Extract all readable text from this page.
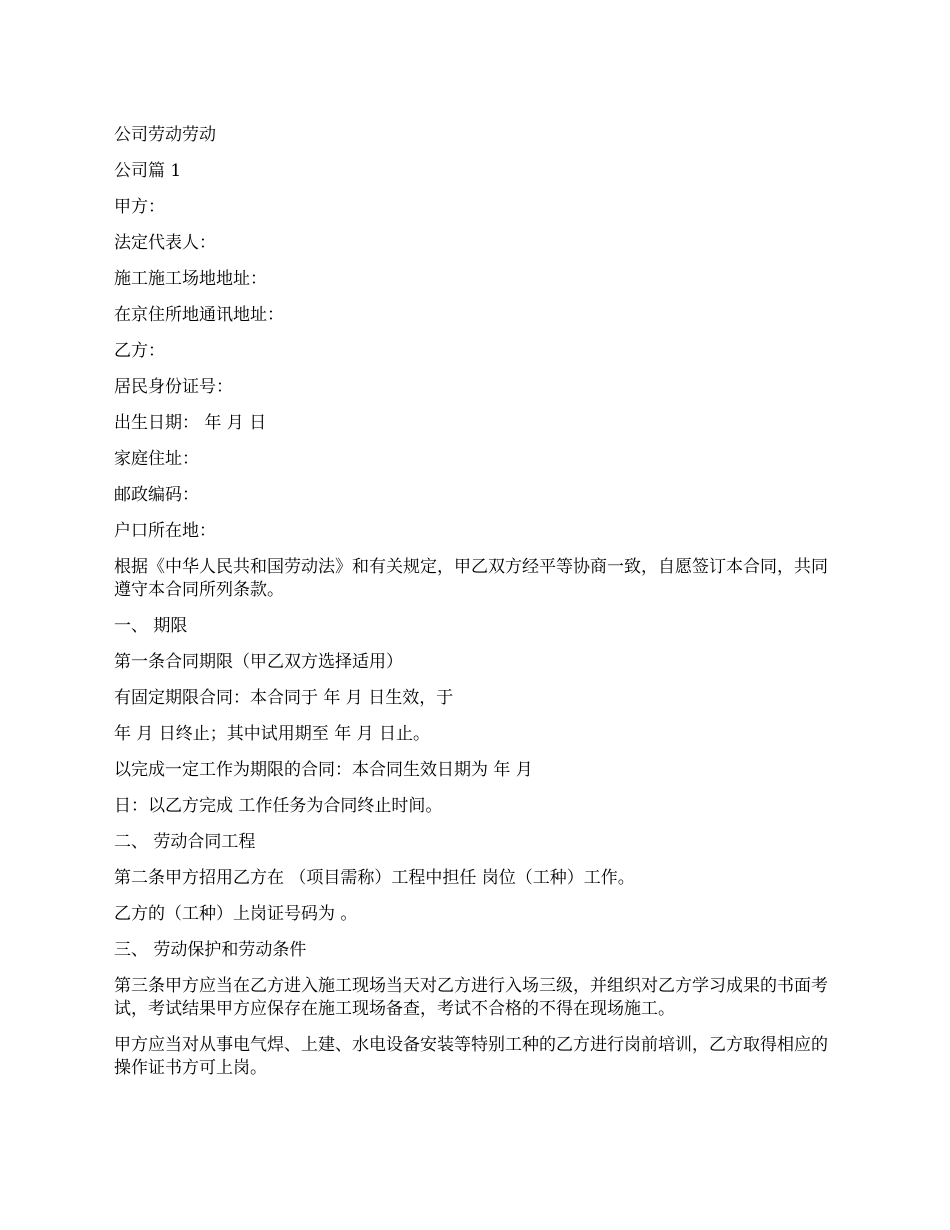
公司劳动劳动

公司篇 1

甲方：

法定代表人：

施工施工场地地址：

在京住所地通讯地址：

乙方：

居民身份证号：

出生日期： 年 月 日

家庭住址：

邮政编码：

户口所在地：

根据《中华人民共和国劳动法》和有关规定，甲乙双方经平等协商一致，自愿签订本合同，共同遵守本合同所列条款。

一、 期限

第一条合同期限（甲乙双方选择适用）

有固定期限合同：本合同于 年 月 日生效，于

年 月 日终止；其中试用期至 年 月 日止。

以完成一定工作为期限的合同：本合同生效日期为 年 月

日：以乙方完成 工作任务为合同终止时间。

二、 劳动合同工程

第二条甲方招用乙方在 （项目需称）工程中担任 岗位（工种）工作。

乙方的（工种）上岗证号码为 。

三、 劳动保护和劳动条件

第三条甲方应当在乙方进入施工现场当天对乙方进行入场三级，并组织对乙方学习成果的书面考试，考试结果甲方应保存在施工现场备查，考试不合格的不得在现场施工。

甲方应当对从事电气焊、上建、水电设备安装等特别工种的乙方进行岗前培训，乙方取得相应的操作证书方可上岗。
